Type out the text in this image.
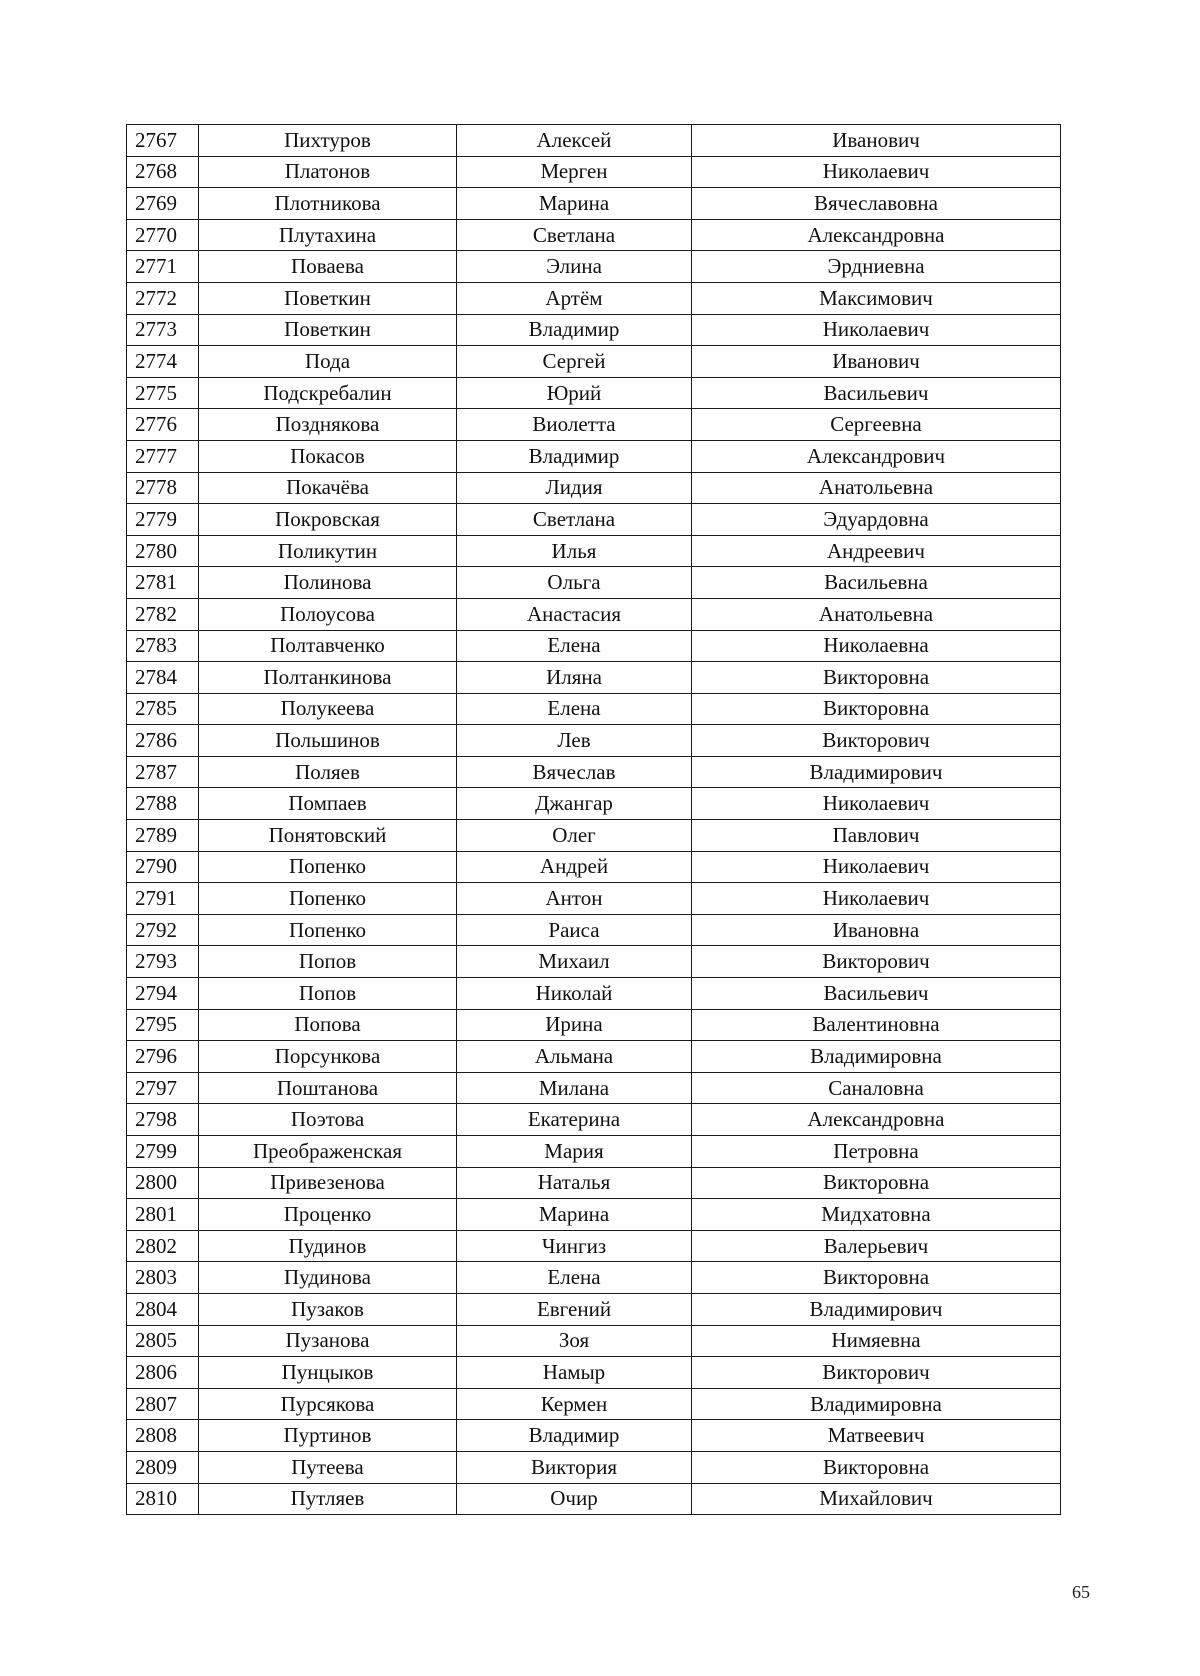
2767	Пихтуров	Алексей	Иванович
2768	Платонов	Мерген	Николаевич
2769	Плотникова	Марина	Вячеславовна
2770	Плутахина	Светлана	Александровна
2771	Поваева	Элина	Эрдниевна
2772	Поветкин	Артём	Максимович
2773	Поветкин	Владимир	Николаевич
2774	Пода	Сергей	Иванович
2775	Подскребалин	Юрий	Васильевич
2776	Позднякова	Виолетта	Сергеевна
2777	Покасов	Владимир	Александрович
2778	Покачёва	Лидия	Анатольевна
2779	Покровская	Светлана	Эдуардовна
2780	Поликутин	Илья	Андреевич
2781	Полинова	Ольга	Васильевна
2782	Полоусова	Анастасия	Анатольевна
2783	Полтавченко	Елена	Николаевна
2784	Полтанкинова	Иляна	Викторовна
2785	Полукеева	Елена	Викторовна
2786	Польшинов	Лев	Викторович
2787	Поляев	Вячеслав	Владимирович
2788	Помпаев	Джангар	Николаевич
2789	Понятовский	Олег	Павлович
2790	Попенко	Андрей	Николаевич
2791	Попенко	Антон	Николаевич
2792	Попенко	Раиса	Ивановна
2793	Попов	Михаил	Викторович
2794	Попов	Николай	Васильевич
2795	Попова	Ирина	Валентиновна
2796	Порсункова	Альмана	Владимировна
2797	Поштанова	Милана	Саналовна
2798	Поэтова	Екатерина	Александровна
2799	Преображенская	Мария	Петровна
2800	Привезенова	Наталья	Викторовна
2801	Проценко	Марина	Мидхатовна
2802	Пудинов	Чингиз	Валерьевич
2803	Пудинова	Елена	Викторовна
2804	Пузаков	Евгений	Владимирович
2805	Пузанова	Зоя	Нимяевна
2806	Пунцыков	Намыр	Викторович
2807	Пурсякова	Кермен	Владимировна
2808	Пуртинов	Владимир	Матвеевич
2809	Путеева	Виктория	Викторовна
2810	Путляев	Очир	Михайлович
65
